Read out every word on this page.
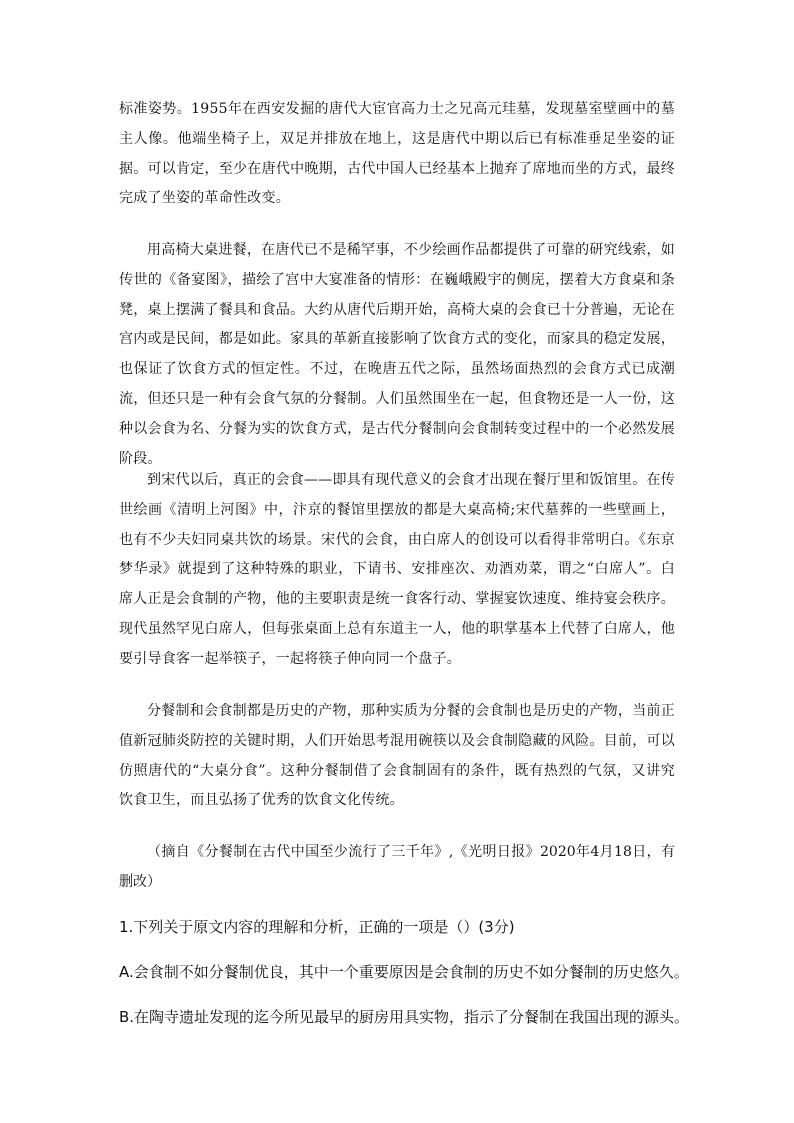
标准姿势。1955年在西安发掘的唐代大宦官高力士之兄高元珪墓，发现墓室壁画中的墓主人像。他端坐椅子上，双足并排放在地上，这是唐代中期以后已有标准垂足坐姿的证据。可以肯定，至少在唐代中晚期，古代中国人已经基本上抛弃了席地而坐的方式，最终完成了坐姿的革命性改变。

用高椅大桌进餐，在唐代已不是稀罕事，不少绘画作品都提供了可靠的研究线索，如传世的《备宴图》，描绘了宫中大宴准备的情形：在巍峨殿宇的侧庑，摆着大方食桌和条凳，桌上摆满了餐具和食品。大约从唐代后期开始，高椅大桌的会食已十分普遍，无论在宫内或是民间，都是如此。家具的革新直接影响了饮食方式的变化，而家具的稳定发展，也保证了饮食方式的恒定性。不过，在晚唐五代之际，虽然场面热烈的会食方式已成潮流，但还只是一种有会食气氛的分餐制。人们虽然围坐在一起，但食物还是一人一份，这种以会食为名、分餐为实的饮食方式，是古代分餐制向会食制转变过程中的一个必然发展阶段。

到宋代以后，真正的会食——即具有现代意义的会食才出现在餐厅里和饭馆里。在传世绘画《清明上河图》中，汴京的餐馆里摆放的都是大桌高椅;宋代墓葬的一些壁画上，也有不少夫妇同桌共饮的场景。宋代的会食，由白席人的创设可以看得非常明白。《东京梦华录》就提到了这种特殊的职业，下请书、安排座次、劝酒劝菜，谓之“白席人”。白席人正是会食制的产物，他的主要职责是统一食客行动、掌握宴饮速度、维持宴会秩序。现代虽然罕见白席人，但每张桌面上总有东道主一人，他的职掌基本上代替了白席人，他要引导食客一起举筷子，一起将筷子伸向同一个盘子。

分餐制和会食制都是历史的产物，那种实质为分餐的会食制也是历史的产物，当前正值新冠肺炎防控的关键时期，人们开始思考混用碗筷以及会食制隐藏的风险。目前，可以仿照唐代的“大桌分食”。这种分餐制借了会食制固有的条件，既有热烈的气氛，又讲究饮食卫生，而且弘扬了优秀的饮食文化传统。

（摘自《分餐制在古代中国至少流行了三千年》,《光明日报》2020年4月18日，有删改）

1.下列关于原文内容的理解和分析，正确的一项是（）(3分)

A.会食制不如分餐制优良，其中一个重要原因是会食制的历史不如分餐制的历史悠久。

B.在陶寺遗址发现的迄今所见最早的厨房用具实物，指示了分餐制在我国出现的源头。
